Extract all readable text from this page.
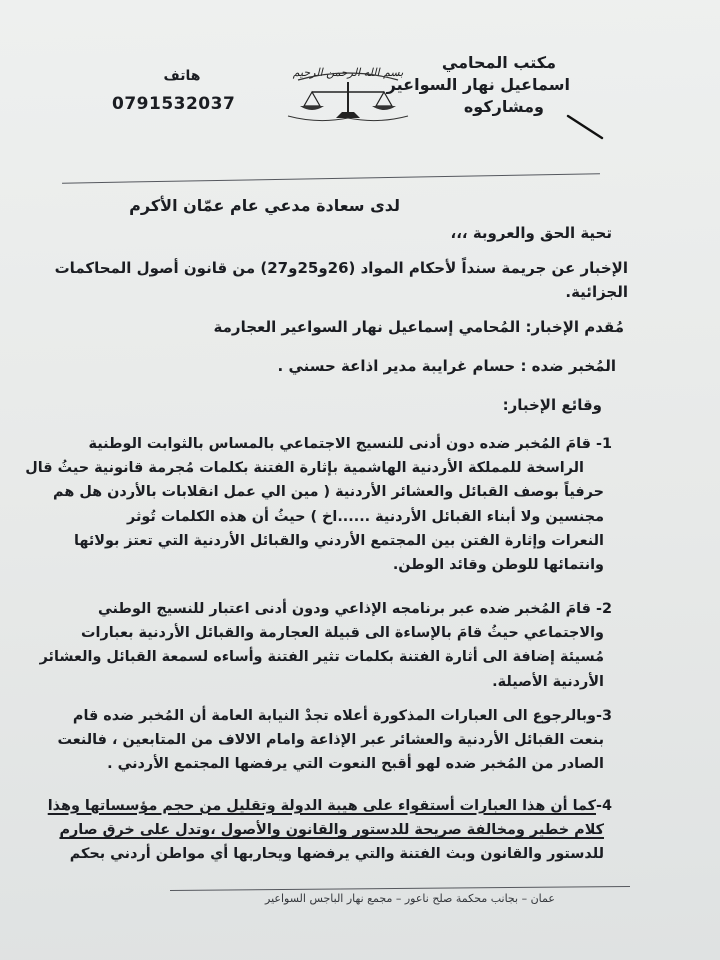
مكتب المحامي
اسماعيل نهار السواعير
ومشاركوه
بسم الله الرحمن الرحيم
هاتف
0791532037
لدى سعادة مدعي عام عمّان الأكرم
تحية الحق والعروبة ،،،
الإخبار عن جريمة سنداً لأحكام المواد (26و25و27) من قانون أصول المحاكمات
الجزائية.
مُقدم الإخبار: المُحامي إسماعيل نهار السواعير العجارمة
المُخبر ضده : حسام غرايبة مدير اذاعة حسني .
وقائع الإخبار:
1- قامَ المُخبر ضده دون أدنى للنسيج الاجتماعي بالمساس بالثوابت الوطنية
الراسخة للمملكة الأردنية الهاشمية بإثارة الفتنة بكلمات مُجرمة قانونية حيثُ قال
حرفياً بوصف القبائل والعشائر الأردنية ( مين الي عمل انقلابات بالأردن هل هم
مجنسين ولا أبناء القبائل الأردنية ......اخ ) حيثُ أن هذه الكلمات تُوثر
النعرات وإثارة الفتن بين المجتمع الأردني والقبائل الأردنية التي تعتز بولائها
وانتمائها للوطن وقائد الوطن.
2- قامَ المُخبر ضده عبر برنامجه الإذاعي ودون أدنى اعتبار للنسيج الوطني
والاجتماعي حيثُ قامَ بالإساءة الى قبيلة العجارمة والقبائل الأردنية بعبارات
مُسيئة إضافة الى أثارة الفتنة بكلمات تثير الفتنة وأساءه لسمعة القبائل والعشائر
الأردنية الأصيلة.
3-وبالرجوع الى العبارات المذكورة أعلاه تجدْ النيابة العامة أن المُخبر ضده قام
بنعت القبائل الأردنية والعشائر عبر الإذاعة وامام الالاف من المتابعين ، فالنعت
الصادر من المُخبر ضده لهو أقبح النعوت التي يرفضها المجتمع الأردني .
4-كما أن هذا العبارات أستقواء على هيبة الدولة وتقليل من حجم مؤسساتها وهذا
كلام خطير ومخالفة صريحة للدستور والقانون والأصول ،وتدل على خرق صارم
للدستور والقانون وبث الفتنة والتي يرفضها ويحاربها أي مواطن أردني بحكم
عمان – بجانب محكمة صلح ناعور – مجمع نهار الباجس السواعير
